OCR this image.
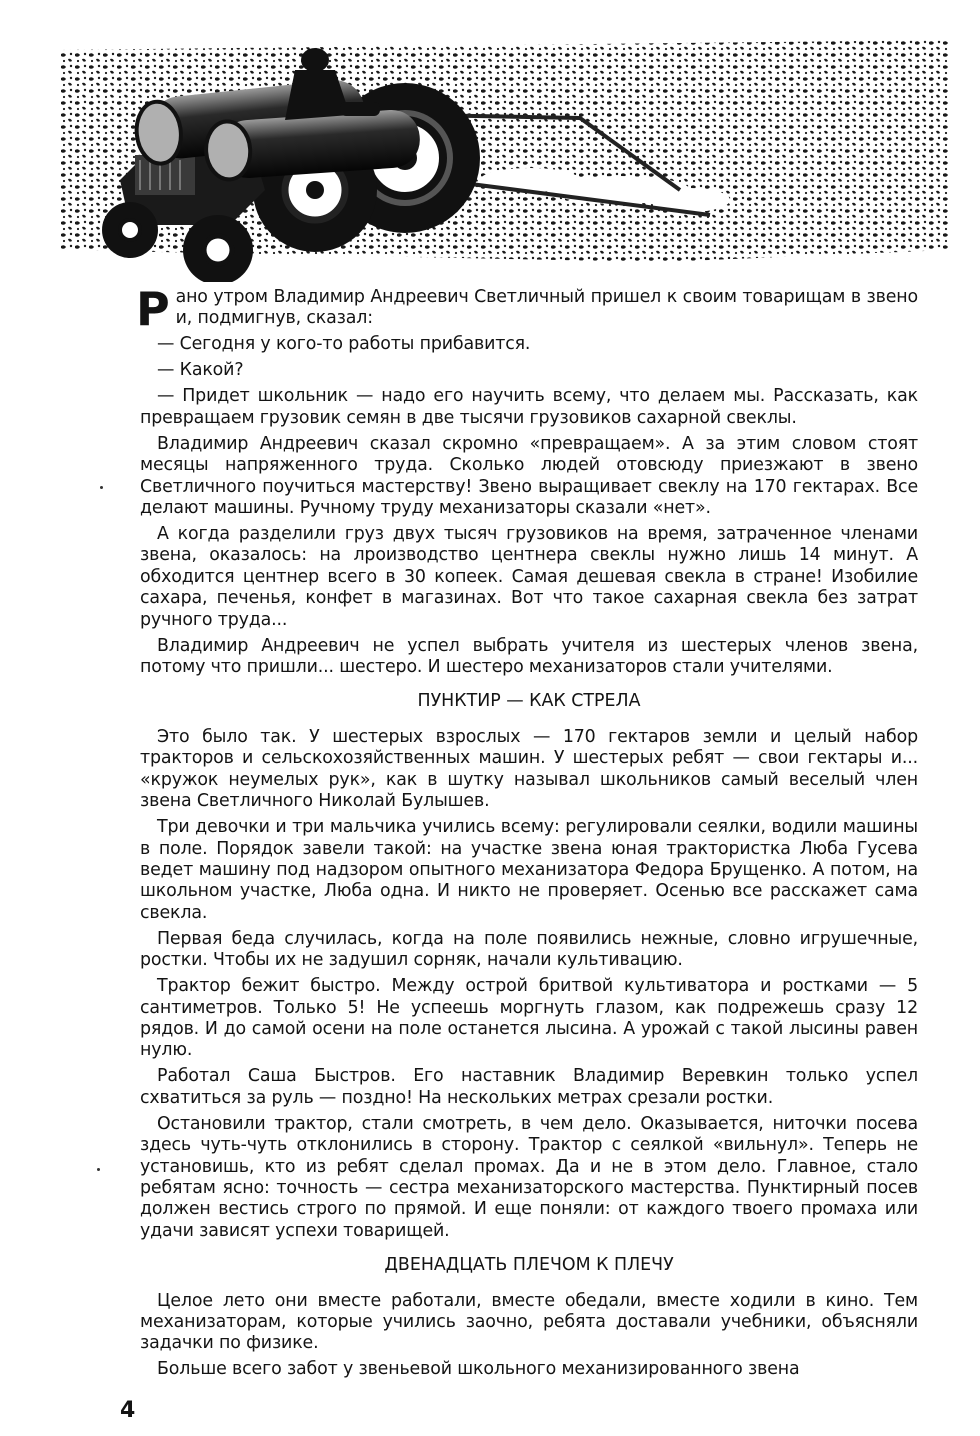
Рано утром Владимир Андреевич Светличный пришел к своим товарищам в звено и, подмигнув, сказал:

— Сегодня у кого-то работы прибавится.

— Какой?

— Придет школьник — надо его научить всему, что делаем мы. Рассказать, как превращаем грузовик семян в две тысячи грузовиков сахарной свеклы.

Владимир Андреевич сказал скромно «превращаем». А за этим словом стоят месяцы напряженного труда. Сколько людей отовсюду приезжают в звено Светличного поучиться мастерству! Звено выращивает свеклу на 170 гектарах. Все делают машины. Ручному труду механизаторы сказали «нет».

А когда разделили груз двух тысяч грузовиков на время, затраченное членами звена, оказалось: на лроизводство центнера свеклы нужно лишь 14 минут. А обходится центнер всего в 30 копеек. Самая дешевая свекла в стране! Изобилие сахара, печенья, конфет в магазинах. Вот что такое сахарная свекла без затрат ручного труда...

Владимир Андреевич не успел выбрать учителя из шестерых членов звена, потому что пришли... шестеро. И шестеро механизаторов стали учителями.

ПУНКТИР — КАК СТРЕЛА

Это было так. У шестерых взрослых — 170 гектаров земли и целый набор тракторов и сельскохозяйственных машин. У шестерых ребят — свои гектары и... «кружок неумелых рук», как в шутку называл школьников самый веселый член звена Светличного Николай Булышев.

Три девочки и три мальчика учились всему: регулировали сеялки, водили машины в поле. Порядок завели такой: на участке звена юная трактористка Люба Гусева ведет машину под надзором опытного механизатора Федора Брущенко. А потом, на школьном участке, Люба одна. И никто не проверяет. Осенью все расскажет сама свекла.

Первая беда случилась, когда на поле появились нежные, словно игрушечные, ростки. Чтобы их не задушил сорняк, начали культивацию.

Трактор бежит быстро. Между острой бритвой культиватора и ростками — 5 сантиметров. Только 5! Не успеешь моргнуть глазом, как подрежешь сразу 12 рядов. И до самой осени на поле останется лысина. А урожай с такой лысины равен нулю.

Работал Саша Быстров. Его наставник Владимир Веревкин только успел схватиться за руль — поздно! На нескольких метрах срезали ростки.

Остановили трактор, стали смотреть, в чем дело. Оказывается, ниточки посева здесь чуть-чуть отклонились в сторону. Трактор с сеялкой «вильнул». Теперь не установишь, кто из ребят сделал промах. Да и не в этом дело. Главное, стало ребятам ясно: точность — сестра механизаторского мастерства. Пунктирный посев должен вестись строго по прямой. И еще поняли: от каждого твоего промаха или удачи зависят успехи товарищей.

ДВЕНАДЦАТЬ ПЛЕЧОМ К ПЛЕЧУ

Целое лето они вместе работали, вместе обедали, вместе ходили в кино. Тем механизаторам, которые учились заочно, ребята доставали учебники, объясняли задачки по физике.

Больше всего забот у звеньевой школьного механизированного звена

4
